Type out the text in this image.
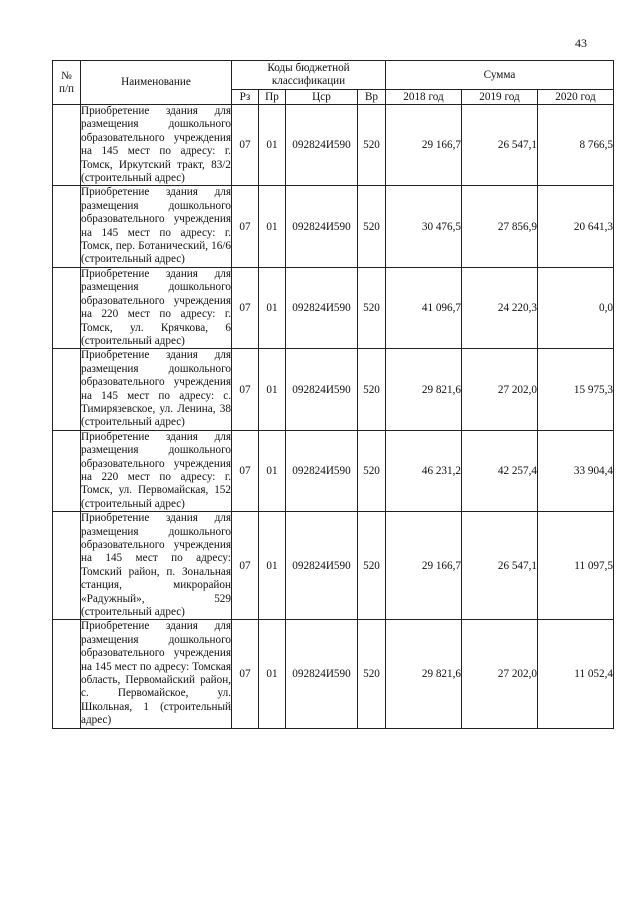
43
№
п/п	Наименование	Коды бюджетной классификации				Сумма		
		Рз	Пр	Цср	Вр	2018 год	2019 год	2020 год
	Приобретение здания для размещения дошкольного образовательного учреждения на 145 мест по адресу: г. Томск, Иркутский тракт, 83/2 (строительный адрес)	07	01	092824И590	520	29 166,7	26 547,1	8 766,5
	Приобретение здания для размещения дошкольного образовательного учреждения на 145 мест по адресу: г. Томск, пер. Ботанический, 16/6 (строительный адрес)	07	01	092824И590	520	30 476,5	27 856,9	20 641,3
	Приобретение здания для размещения дошкольного образовательного учреждения на 220 мест по адресу: г. Томск, ул. Крячкова, 6 (строительный адрес)	07	01	092824И590	520	41 096,7	24 220,3	0,0
	Приобретение здания для размещения дошкольного образовательного учреждения на 145 мест по адресу: с. Тимирязевское, ул. Ленина, 38 (строительный адрес)	07	01	092824И590	520	29 821,6	27 202,0	15 975,3
	Приобретение здания для размещения дошкольного образовательного учреждения на 220 мест по адресу: г. Томск, ул. Первомайская, 152 (строительный адрес)	07	01	092824И590	520	46 231,2	42 257,4	33 904,4
	Приобретение здания для размещения дошкольного образовательного учреждения на 145 мест по адресу: Томский район, п. Зональная станция, микрорайон «Радужный», 529 (строительный адрес)	07	01	092824И590	520	29 166,7	26 547,1	11 097,5
	Приобретение здания для размещения дошкольного образовательного учреждения на 145 мест по адресу: Томская область, Первомайский район, с. Первомайское, ул. Школьная, 1 (строительный адрес)	07	01	092824И590	520	29 821,6	27 202,0	11 052,4
